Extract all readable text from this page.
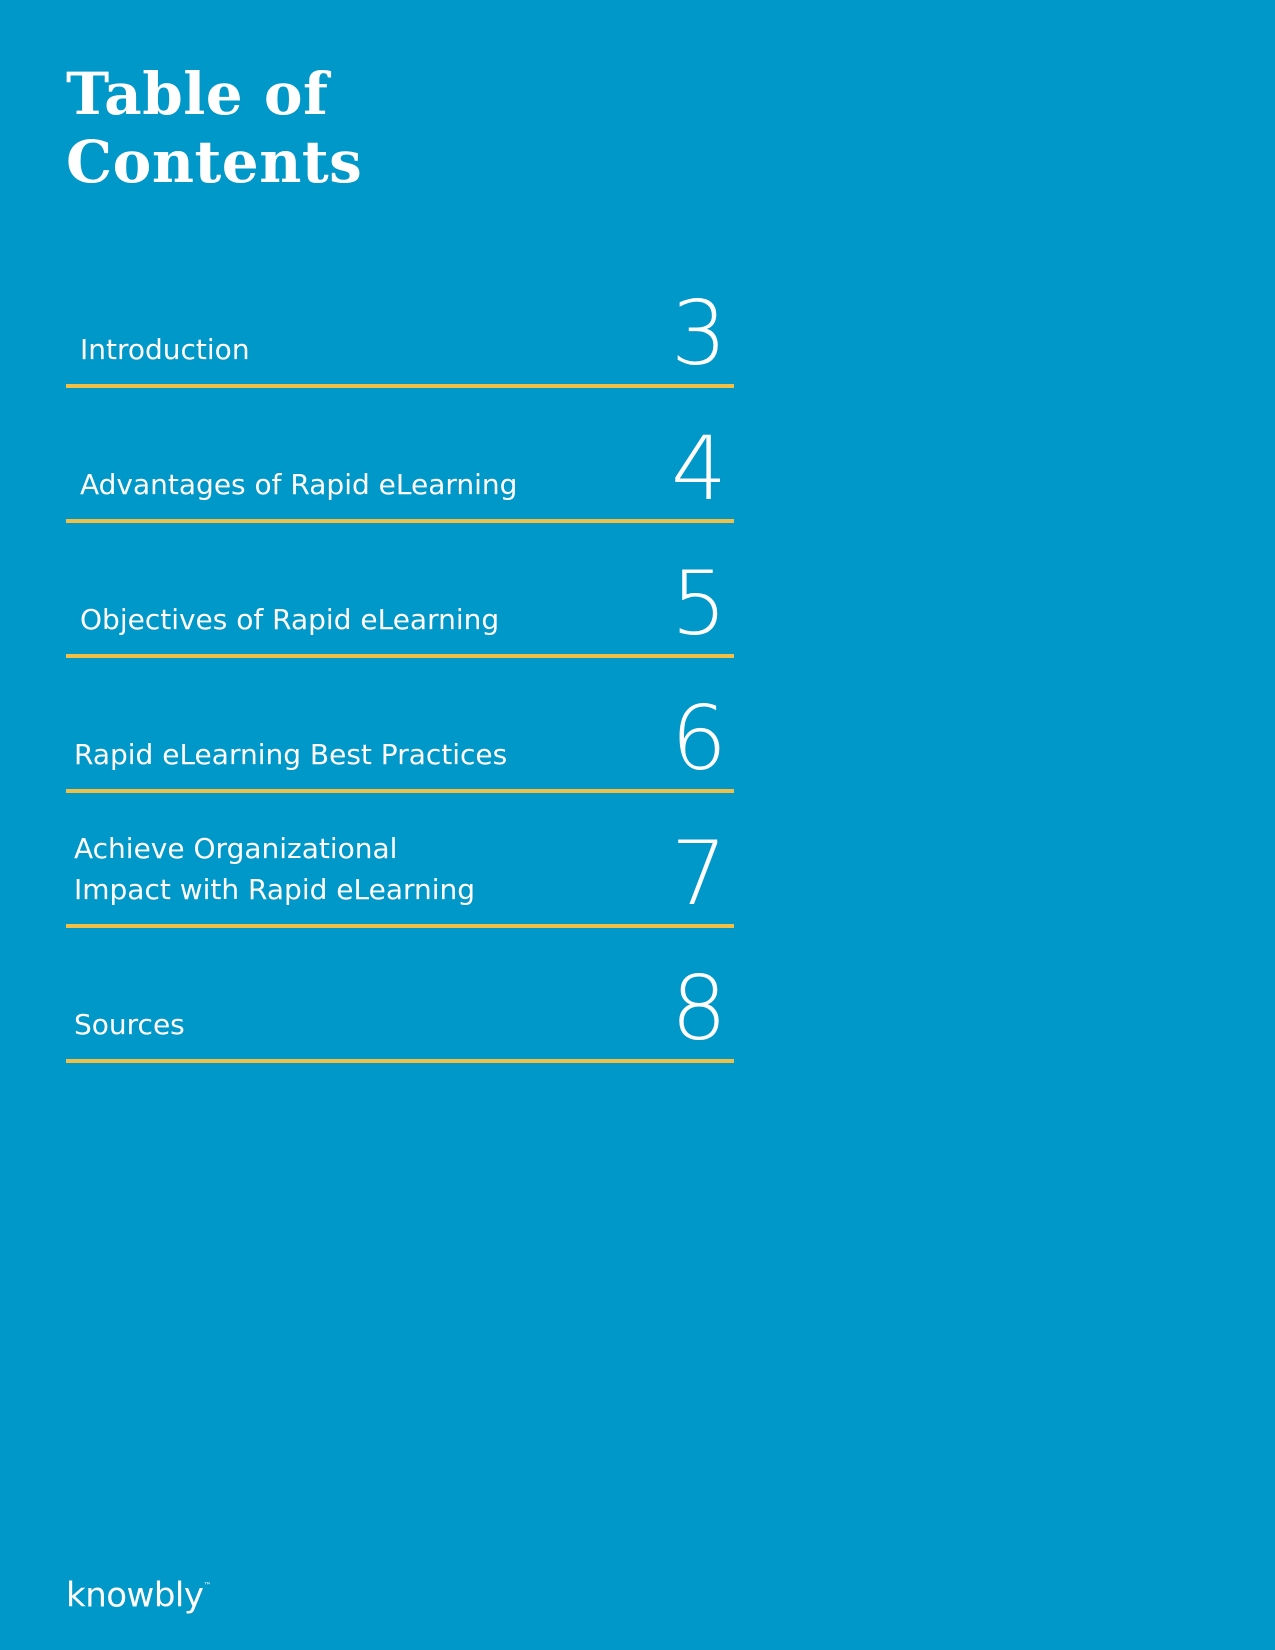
Table of
Contents
Introduction	3
Advantages of Rapid eLearning 4
Objectives of Rapid eLearning 5
Rapid eLearning Best Practices 6
Achieve Organizational
Impact with Rapid eLearning 7
Sources	8
knowbly™
